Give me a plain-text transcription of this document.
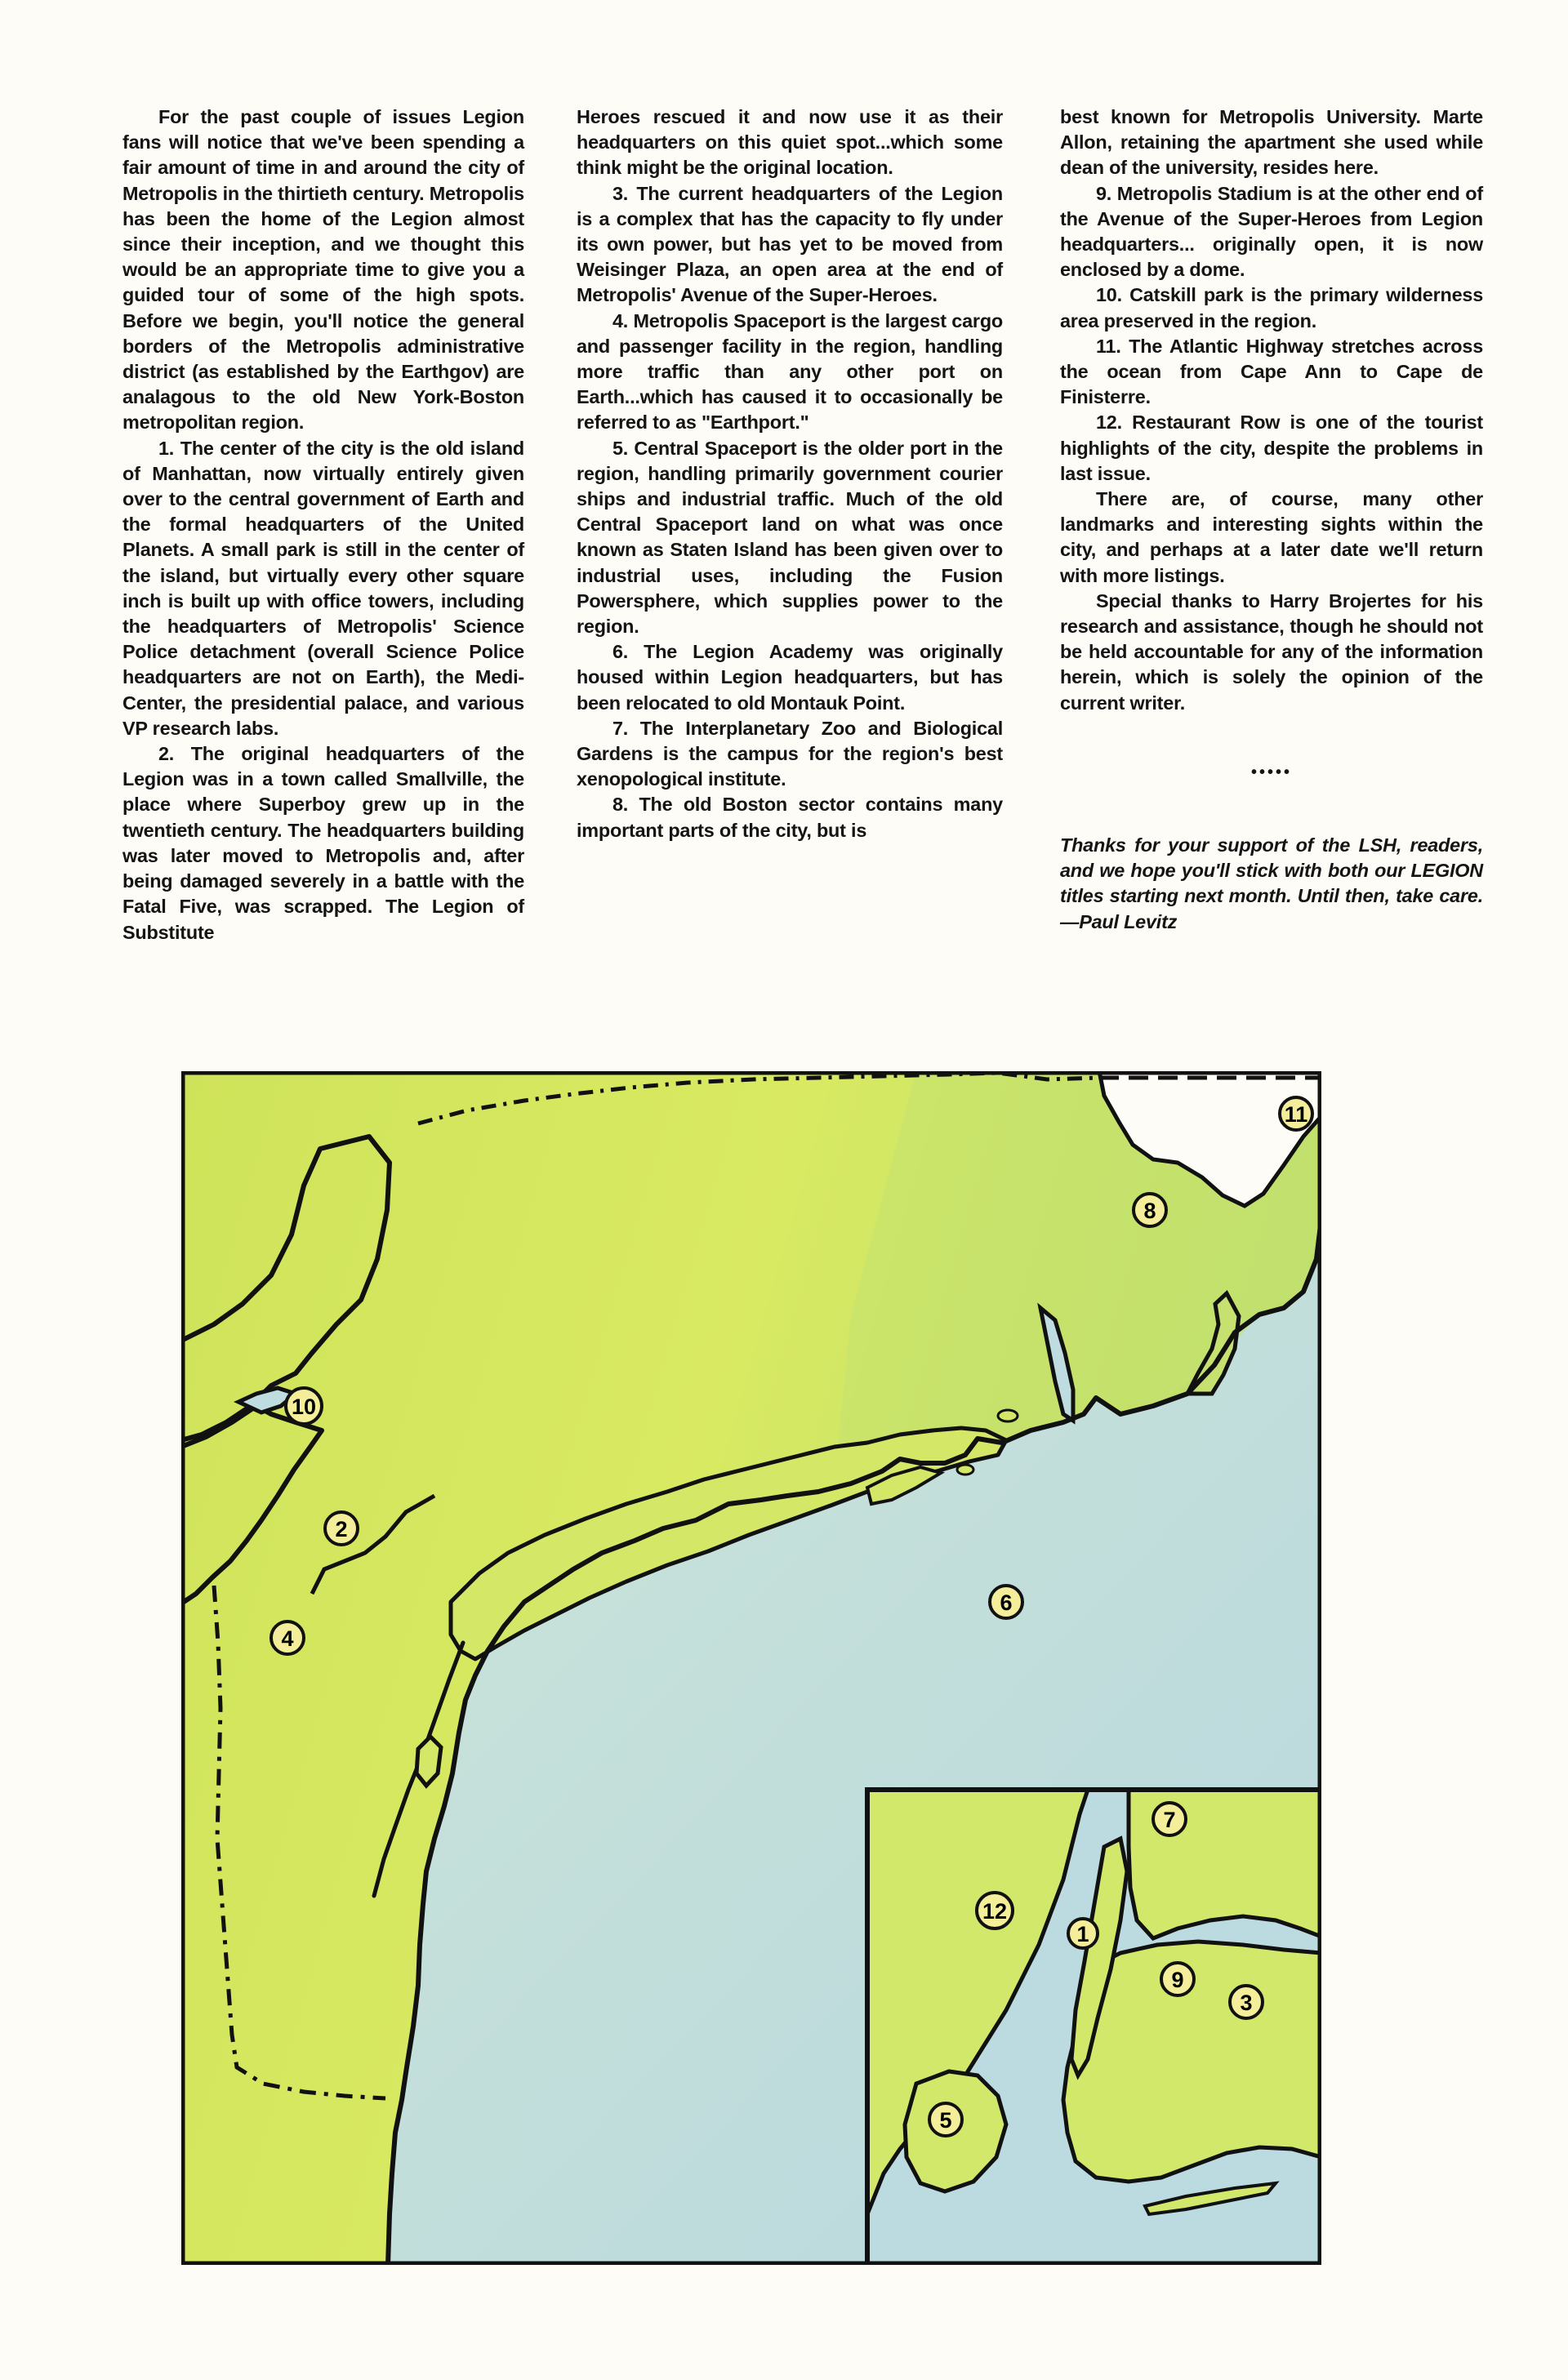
For the past couple of issues Legion fans will notice that we've been spending a fair amount of time in and around the city of Metropolis in the thirtieth century. Metropolis has been the home of the Legion almost since their inception, and we thought this would be an appropriate time to give you a guided tour of some of the high spots. Before we begin, you'll notice the general borders of the Metropolis administrative district (as established by the Earthgov) are analagous to the old New York-Boston metropolitan region.

1. The center of the city is the old island of Manhattan, now virtually entirely given over to the central government of Earth and the formal headquarters of the United Planets. A small park is still in the center of the island, but virtually every other square inch is built up with office towers, including the headquarters of Metropolis' Science Police detachment (overall Science Police headquarters are not on Earth), the Medi-Center, the presidential palace, and various VP research labs.

2. The original headquarters of the Legion was in a town called Smallville, the place where Superboy grew up in the twentieth century. The headquarters building was later moved to Metropolis and, after being damaged severely in a battle with the Fatal Five, was scrapped. The Legion of Substitute

Heroes rescued it and now use it as their headquarters on this quiet spot...which some think might be the original location.

3. The current headquarters of the Legion is a complex that has the capacity to fly under its own power, but has yet to be moved from Weisinger Plaza, an open area at the end of Metropolis' Avenue of the Super-Heroes.

4. Metropolis Spaceport is the largest cargo and passenger facility in the region, handling more traffic than any other port on Earth...which has caused it to occasionally be referred to as "Earthport."

5. Central Spaceport is the older port in the region, handling primarily government courier ships and industrial traffic. Much of the old Central Spaceport land on what was once known as Staten Island has been given over to industrial uses, including the Fusion Powersphere, which supplies power to the region.

6. The Legion Academy was originally housed within Legion headquarters, but has been relocated to old Montauk Point.

7. The Interplanetary Zoo and Biological Gardens is the campus for the region's best xenopological institute.

8. The old Boston sector contains many important parts of the city, but is

best known for Metropolis University. Marte Allon, retaining the apartment she used while dean of the university, resides here.

9. Metropolis Stadium is at the other end of the Avenue of the Super-Heroes from Legion headquarters... originally open, it is now enclosed by a dome.

10. Catskill park is the primary wilderness area preserved in the region.

11. The Atlantic Highway stretches across the ocean from Cape Ann to Cape de Finisterre.

12. Restaurant Row is one of the tourist highlights of the city, despite the problems in last issue.

There are, of course, many other landmarks and interesting sights within the city, and perhaps at a later date we'll return with more listings.

Special thanks to Harry Brojertes for his research and assistance, though he should not be held accountable for any of the information herein, which is solely the opinion of the current writer.

•••••

Thanks for your support of the LSH, readers, and we hope you'll stick with both our LEGION titles starting next month. Until then, take care.—Paul Levitz

11
8
10
2
4
6
7
12
1
9
3
5
